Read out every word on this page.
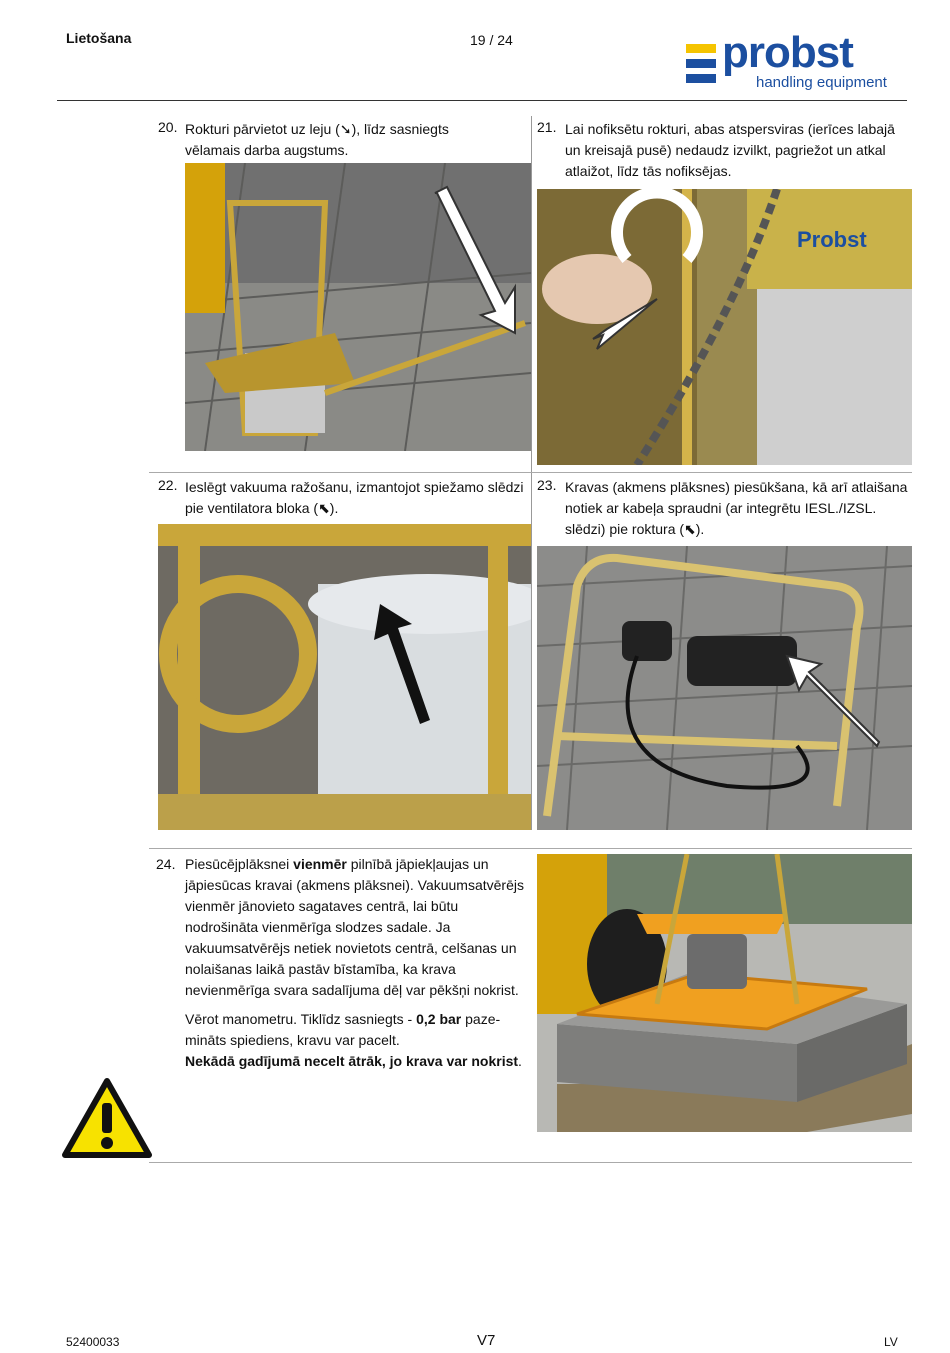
Lietošana	19 / 24	probst
handling equipment
20. Rokturi pārvietot uz leju (➘), līdz sasniegts vēlamais darba augstums.
21. Lai nofiksētu rokturi, abas atspersviras (ierīces labajā un kreisajā pusē) nedaudz izvilkt, pagriežot un atkal atlaižot, līdz tās nofiksējas.
Probst
22. Ieslēgt vakuuma ražošanu, izmantojot spiežamo slēdzi pie ventilatora bloka (⬉).
23. Kravas (akmens plāksnes) piesūkšana, kā arī atlaišana notiek ar kabeļa spraudni (ar integrētu IESL./IZSL. slēdzi) pie roktura (⬉).
24. Piesūcējplāksnei vienmēr pilnībā jāpiekļaujas un jāpiesūcas kravai (akmens plāksnei). Vakuumsatvērējs vienmēr jānovieto sagataves centrā, lai būtu nodrošināta vienmērīga slodzes sadale. Ja vakuumsatvērējs netiek novietots centrā, celšanas un nolaišanas laikā pastāv bīstamība, ka krava nevienmērīga svara sadalījuma dēļ var pēkšņi nokrist.
Vērot manometru. Tiklīdz sasniegts - 0,2 bar pazemināts spiediens, kravu var pacelt.
Nekādā gadījumā necelt ātrāk, jo krava var nokrist.
52400033	V7	LV
